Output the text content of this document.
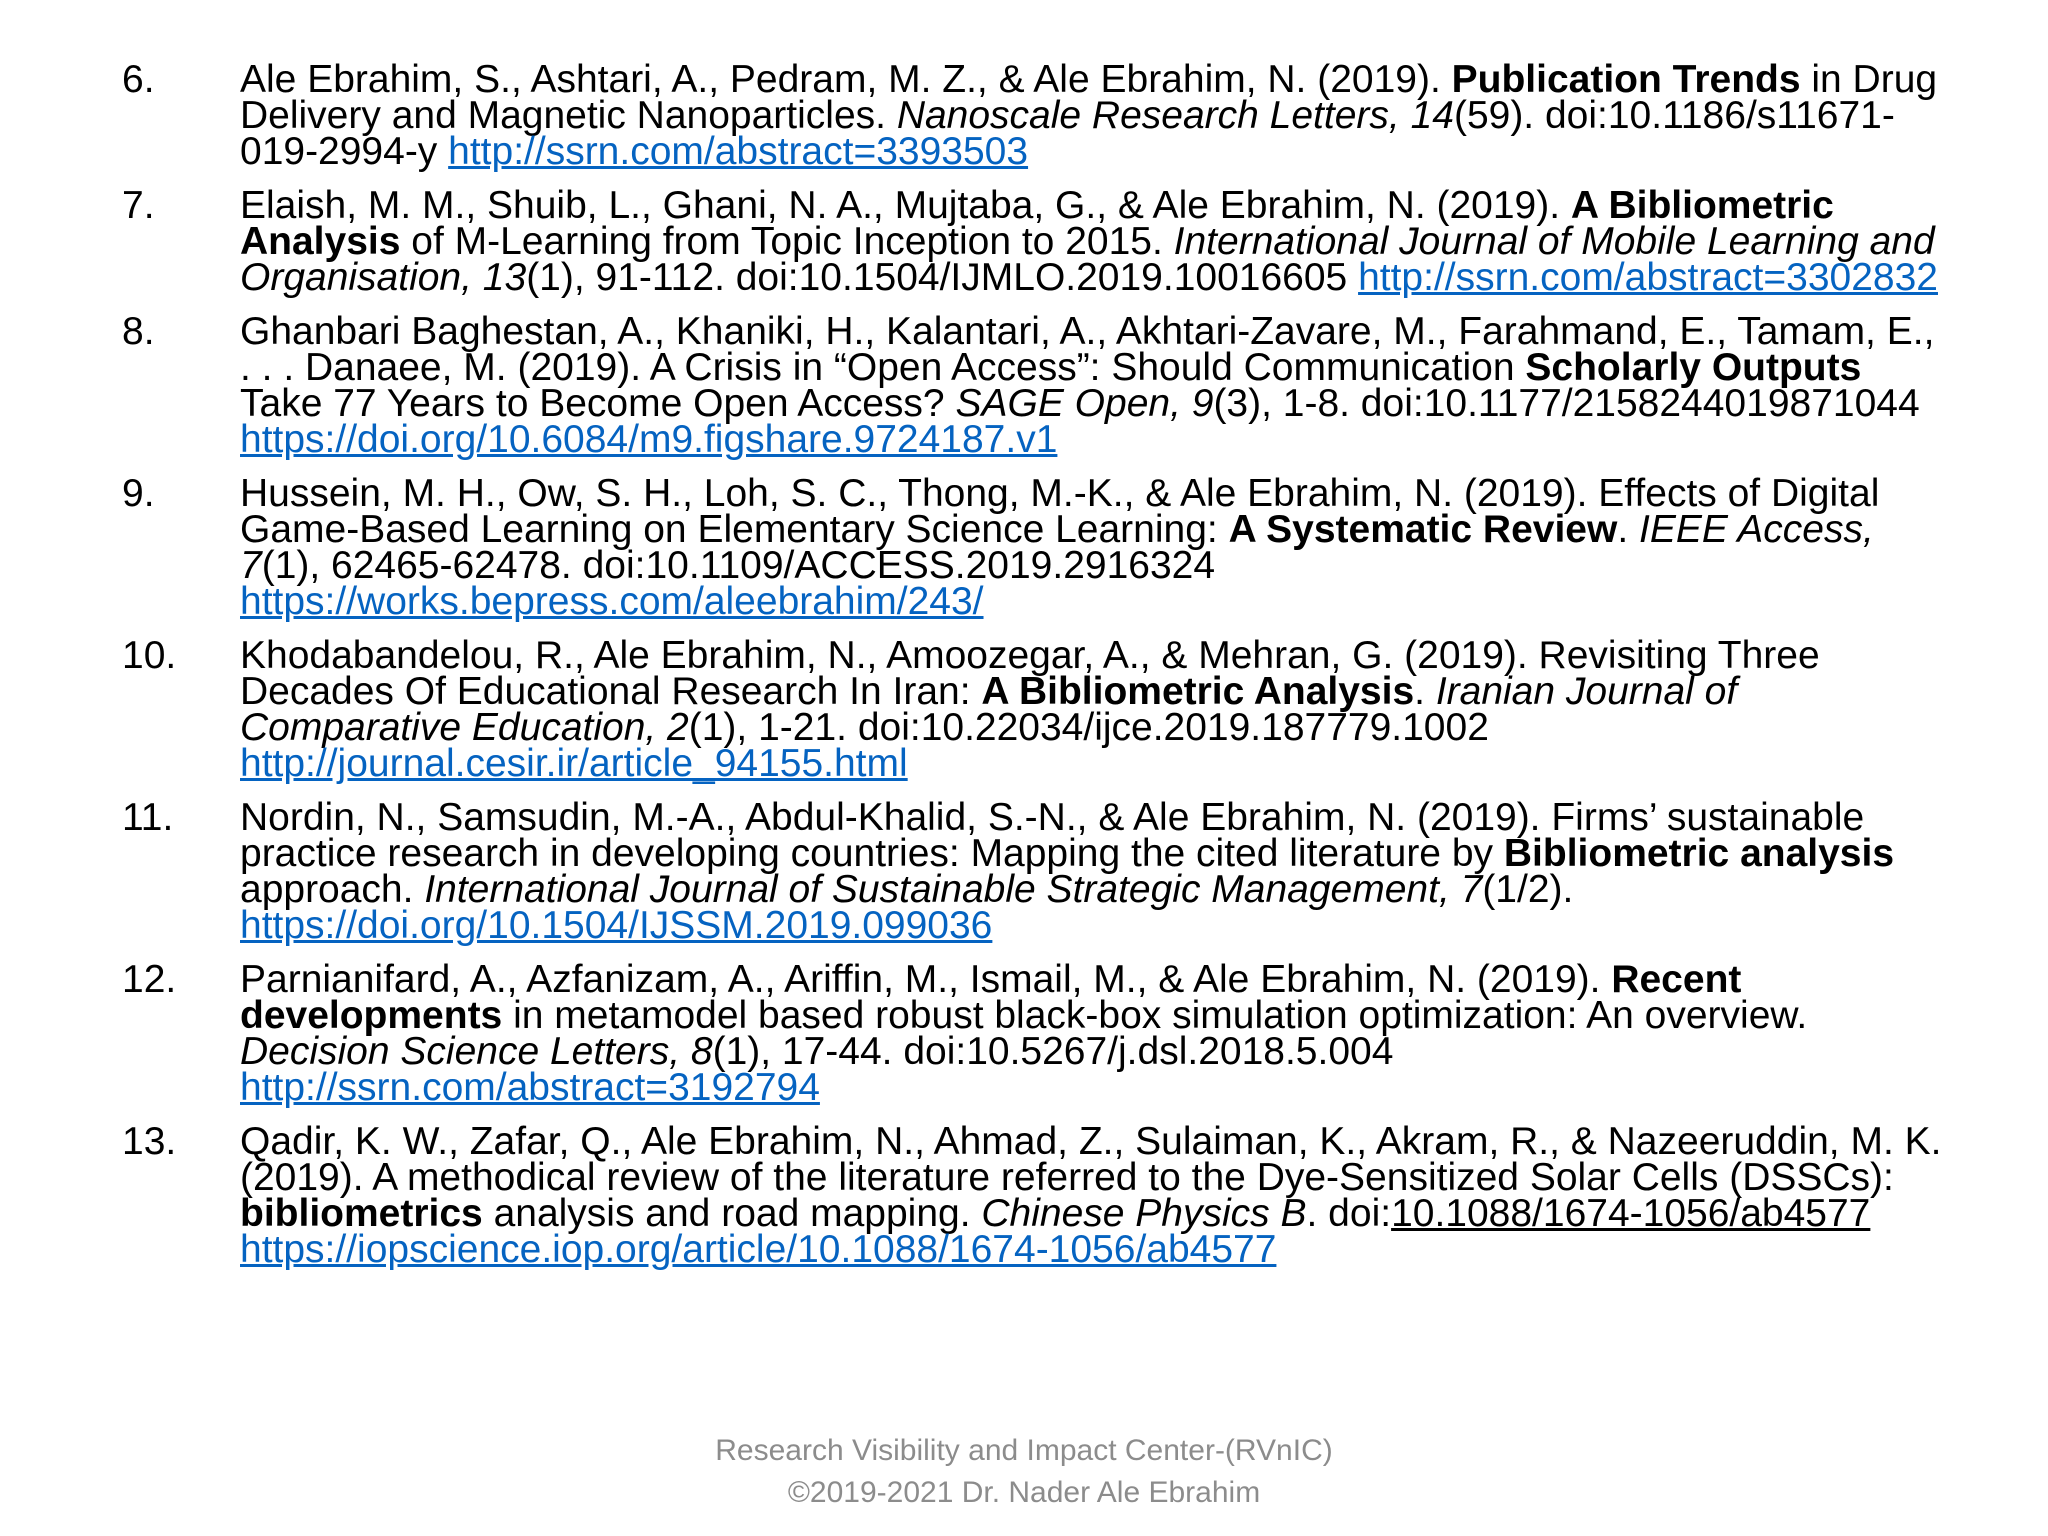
6.	Ale Ebrahim, S., Ashtari, A., Pedram, M. Z., & Ale Ebrahim, N. (2019). Publication Trends in Drug Delivery and Magnetic Nanoparticles. Nanoscale Research Letters, 14(59). doi:10.1186/s11671-019-2994-y http://ssrn.com/abstract=3393503
7.	Elaish, M. M., Shuib, L., Ghani, N. A., Mujtaba, G., & Ale Ebrahim, N. (2019). A Bibliometric Analysis of M-Learning from Topic Inception to 2015. International Journal of Mobile Learning and Organisation, 13(1), 91-112. doi:10.1504/IJMLO.2019.10016605 http://ssrn.com/abstract=3302832
8.	Ghanbari Baghestan, A., Khaniki, H., Kalantari, A., Akhtari-Zavare, M., Farahmand, E., Tamam, E., . . . Danaee, M. (2019). A Crisis in “Open Access”: Should Communication Scholarly Outputs Take 77 Years to Become Open Access? SAGE Open, 9(3), 1-8. doi:10.1177/2158244019871044 https://doi.org/10.6084/m9.figshare.9724187.v1
9.	Hussein, M. H., Ow, S. H., Loh, S. C., Thong, M.-K., & Ale Ebrahim, N. (2019). Effects of Digital Game-Based Learning on Elementary Science Learning: A Systematic Review. IEEE Access, 7(1), 62465-62478. doi:10.1109/ACCESS.2019.2916324 https://works.bepress.com/aleebrahim/243/
10.	Khodabandelou, R., Ale Ebrahim, N., Amoozegar, A., & Mehran, G. (2019). Revisiting Three Decades Of Educational Research In Iran: A Bibliometric Analysis. Iranian Journal of Comparative Education, 2(1), 1-21. doi:10.22034/ijce.2019.187779.1002 http://journal.cesir.ir/article_94155.html
11.	Nordin, N., Samsudin, M.-A., Abdul-Khalid, S.-N., & Ale Ebrahim, N. (2019). Firms’ sustainable practice research in developing countries: Mapping the cited literature by Bibliometric analysis approach. International Journal of Sustainable Strategic Management, 7(1/2). https://doi.org/10.1504/IJSSM.2019.099036
12.	Parnianifard, A., Azfanizam, A., Ariffin, M., Ismail, M., & Ale Ebrahim, N. (2019). Recent developments in metamodel based robust black-box simulation optimization: An overview. Decision Science Letters, 8(1), 17-44. doi:10.5267/j.dsl.2018.5.004 http://ssrn.com/abstract=3192794
13.	Qadir, K. W., Zafar, Q., Ale Ebrahim, N., Ahmad, Z., Sulaiman, K., Akram, R., & Nazeeruddin, M. K. (2019). A methodical review of the literature referred to the Dye-Sensitized Solar Cells (DSSCs): bibliometrics analysis and road mapping. Chinese Physics B. doi:10.1088/1674-1056/ab4577 https://iopscience.iop.org/article/10.1088/1674-1056/ab4577
Research Visibility and Impact Center-(RVnIC)
©2019-2021 Dr. Nader Ale Ebrahim
